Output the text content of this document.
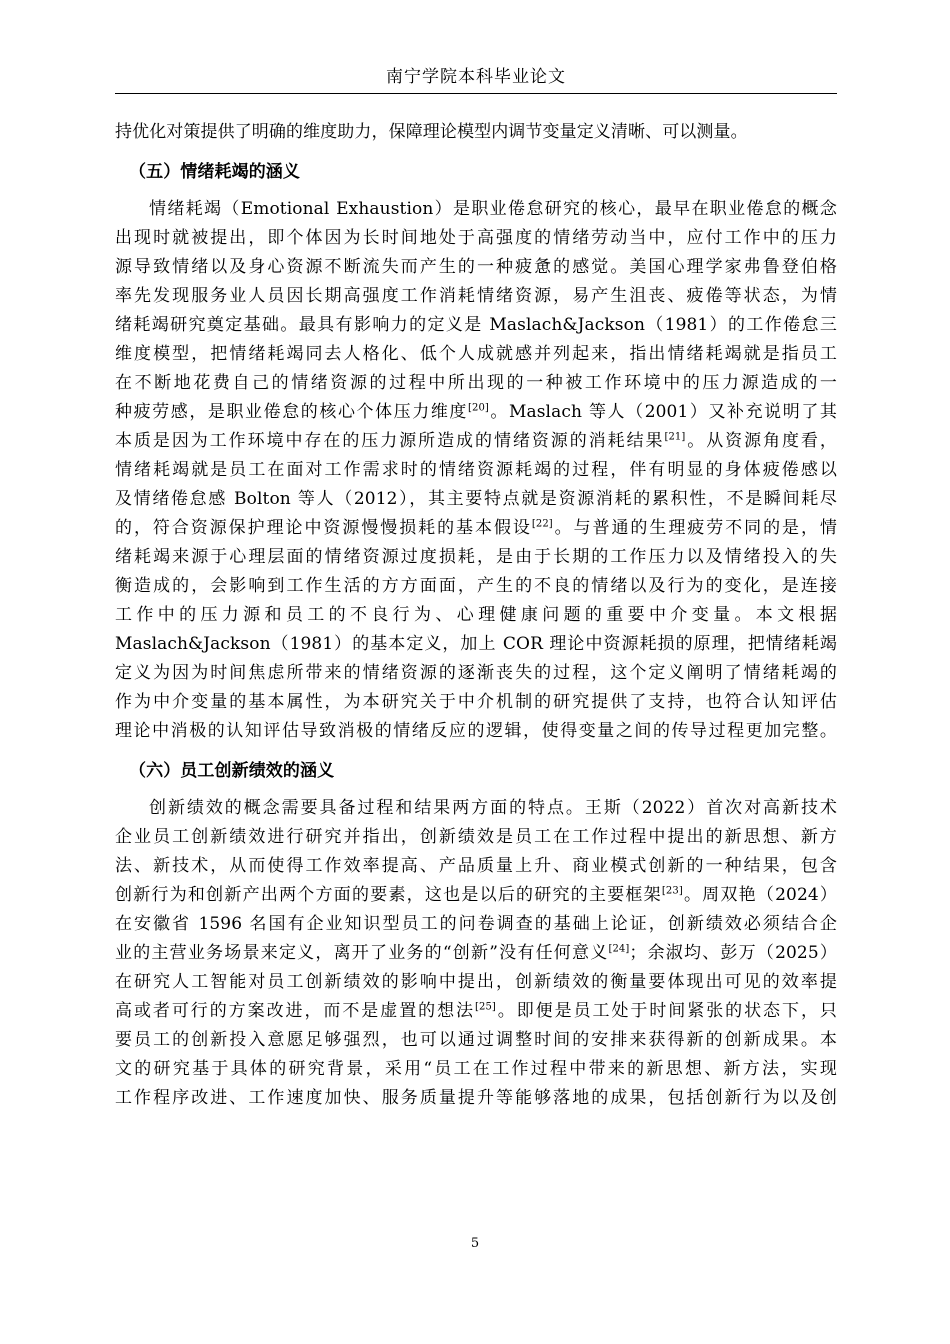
南宁学院本科毕业论文
持优化对策提供了明确的维度助力，保障理论模型内调节变量定义清晰、可以测量。
（五）情绪耗竭的涵义
情绪耗竭（Emotional Exhaustion）是职业倦怠研究的核心，最早在职业倦怠的概念
出现时就被提出，即个体因为长时间地处于高强度的情绪劳动当中，应付工作中的压力
源导致情绪以及身心资源不断流失而产生的一种疲惫的感觉。美国心理学家弗鲁登伯格
率先发现服务业人员因长期高强度工作消耗情绪资源，易产生沮丧、疲倦等状态，为情
绪耗竭研究奠定基础。最具有影响力的定义是 Maslach&Jackson（1981）的工作倦怠三
维度模型，把情绪耗竭同去人格化、低个人成就感并列起来，指出情绪耗竭就是指员工
在不断地花费自己的情绪资源的过程中所出现的一种被工作环境中的压力源造成的一
种疲劳感，是职业倦怠的核心个体压力维度[20]。Maslach 等人（2001）又补充说明了其
本质是因为工作环境中存在的压力源所造成的情绪资源的消耗结果[21]。从资源角度看，
情绪耗竭就是员工在面对工作需求时的情绪资源耗竭的过程，伴有明显的身体疲倦感以
及情绪倦怠感 Bolton 等人（2012），其主要特点就是资源消耗的累积性，不是瞬间耗尽
的，符合资源保护理论中资源慢慢损耗的基本假设[22]。与普通的生理疲劳不同的是，情
绪耗竭来源于心理层面的情绪资源过度损耗，是由于长期的工作压力以及情绪投入的失
衡造成的，会影响到工作生活的方方面面，产生的不良的情绪以及行为的变化，是连接
工作中的压力源和员工的不良行为、心理健康问题的重要中介变量。本文根据
Maslach&Jackson（1981）的基本定义，加上 COR 理论中资源耗损的原理，把情绪耗竭
定义为因为时间焦虑所带来的情绪资源的逐渐丧失的过程，这个定义阐明了情绪耗竭的
作为中介变量的基本属性，为本研究关于中介机制的研究提供了支持，也符合认知评估
理论中消极的认知评估导致消极的情绪反应的逻辑，使得变量之间的传导过程更加完整。
（六）员工创新绩效的涵义
创新绩效的概念需要具备过程和结果两方面的特点。王斯（2022）首次对高新技术
企业员工创新绩效进行研究并指出，创新绩效是员工在工作过程中提出的新思想、新方
法、新技术，从而使得工作效率提高、产品质量上升、商业模式创新的一种结果，包含
创新行为和创新产出两个方面的要素，这也是以后的研究的主要框架[23]。周双艳（2024）
在安徽省 1596 名国有企业知识型员工的问卷调查的基础上论证，创新绩效必须结合企
业的主营业务场景来定义，离开了业务的“创新”没有任何意义[24]；余淑均、彭万（2025）
在研究人工智能对员工创新绩效的影响中提出，创新绩效的衡量要体现出可见的效率提
高或者可行的方案改进，而不是虚置的想法[25]。即便是员工处于时间紧张的状态下，只
要员工的创新投入意愿足够强烈，也可以通过调整时间的安排来获得新的创新成果。本
文的研究基于具体的研究背景，采用“员工在工作过程中带来的新思想、新方法，实现
工作程序改进、工作速度加快、服务质量提升等能够落地的成果，包括创新行为以及创
5
